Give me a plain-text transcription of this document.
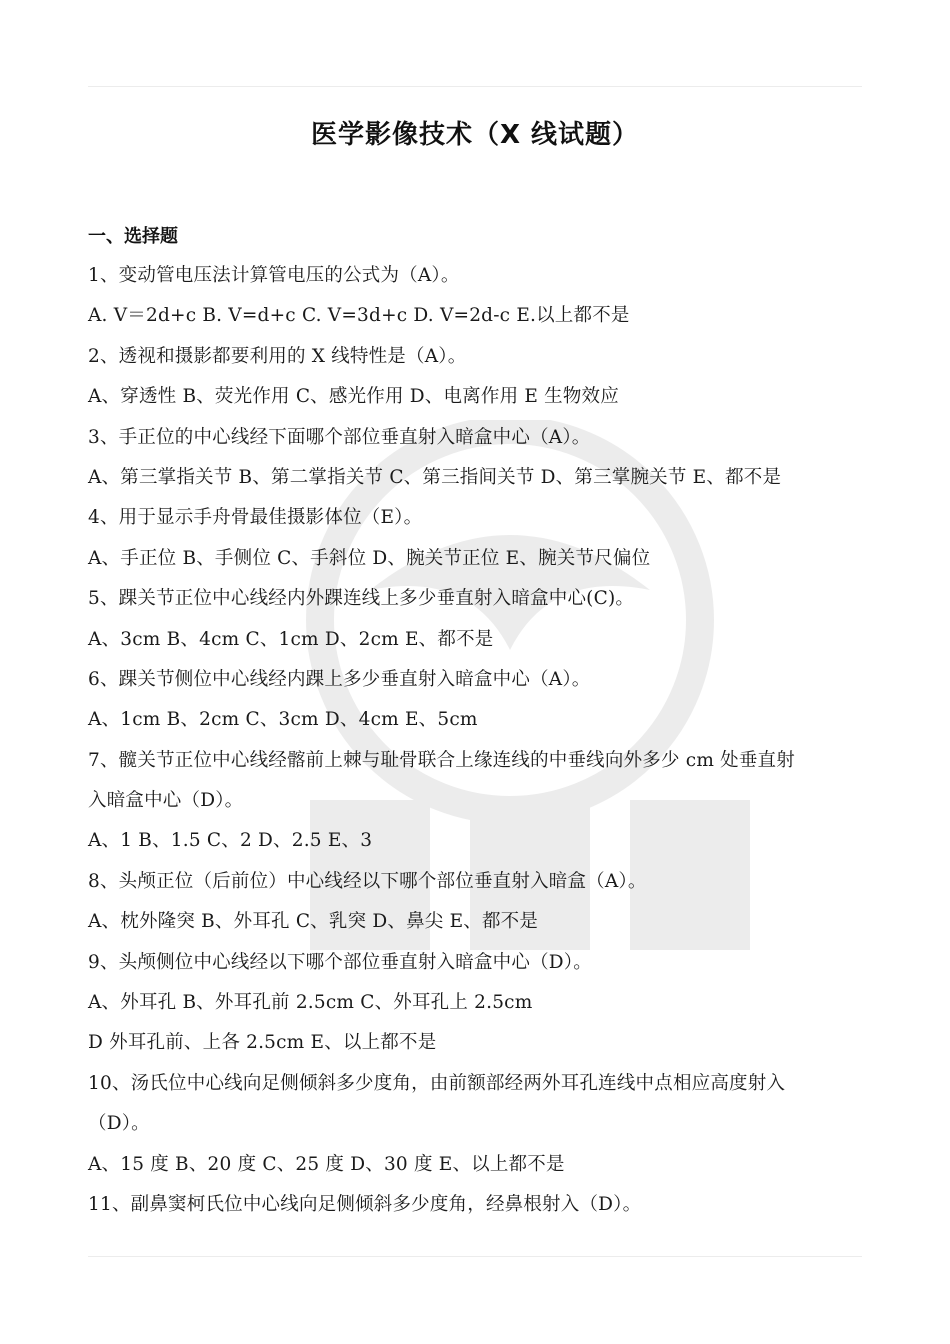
医学影像技术（X 线试题）
一、选择题
1、变动管电压法计算管电压的公式为（A）。
A. V＝2d+c B. V=d+c C. V=3d+c D. V=2d-c E.以上都不是
2、透视和摄影都要利用的 X 线特性是（A）。
A、穿透性 B、荧光作用 C、感光作用 D、电离作用 E 生物效应
3、手正位的中心线经下面哪个部位垂直射入暗盒中心（A）。
A、第三掌指关节 B、第二掌指关节 C、第三指间关节 D、第三掌腕关节 E、都不是
4、用于显示手舟骨最佳摄影体位（E）。
A、手正位 B、手侧位 C、手斜位 D、腕关节正位 E、腕关节尺偏位
5、踝关节正位中心线经内外踝连线上多少垂直射入暗盒中心(C)。
A、3cm B、4cm C、1cm D、2cm E、都不是
6、踝关节侧位中心线经内踝上多少垂直射入暗盒中心（A）。
A、1cm B、2cm C、3cm D、4cm E、5cm
7、髋关节正位中心线经髂前上棘与耻骨联合上缘连线的中垂线向外多少 cm 处垂直射
入暗盒中心（D）。
A、1 B、1.5 C、2 D、2.5 E、3
8、头颅正位（后前位）中心线经以下哪个部位垂直射入暗盒（A）。
A、枕外隆突 B、外耳孔 C、乳突 D、鼻尖 E、都不是
9、头颅侧位中心线经以下哪个部位垂直射入暗盒中心（D）。
A、外耳孔 B、外耳孔前 2.5cm C、外耳孔上 2.5cm
D 外耳孔前、上各 2.5cm E、以上都不是
10、汤氏位中心线向足侧倾斜多少度角，由前额部经两外耳孔连线中点相应高度射入
（D）。
A、15 度 B、20 度 C、25 度 D、30 度 E、以上都不是
11、副鼻窦柯氏位中心线向足侧倾斜多少度角，经鼻根射入（D）。
